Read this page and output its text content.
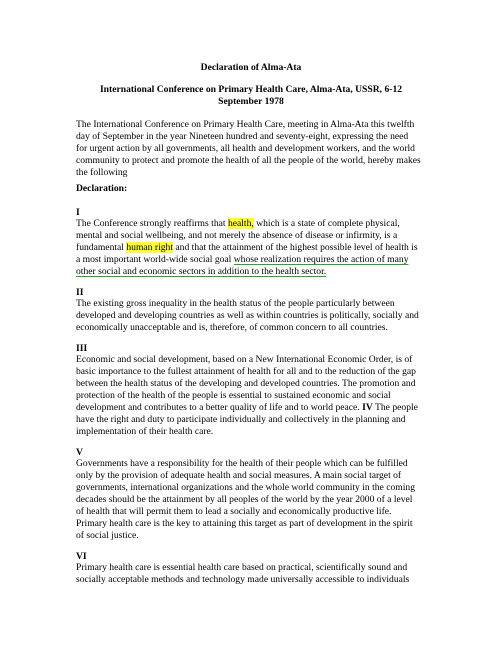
Declaration of Alma-Ata
International Conference on Primary Health Care, Alma-Ata, USSR, 6-12
September 1978
The International Conference on Primary Health Care, meeting in Alma-Ata this twelfth
day of September in the year Nineteen hundred and seventy-eight, expressing the need
for urgent action by all governments, all health and development workers, and the world
community to protect and promote the health of all the people of the world, hereby makes
the following
Declaration:
I
The Conference strongly reaffirms that health, which is a state of complete physical,
mental and social wellbeing, and not merely the absence of disease or infirmity, is a
fundamental human right and that the attainment of the highest possible level of health is
a most important world-wide social goal whose realization requires the action of many
other social and economic sectors in addition to the health sector.
II
The existing gross inequality in the health status of the people particularly between
developed and developing countries as well as within countries is politically, socially and
economically unacceptable and is, therefore, of common concern to all countries.
III
Economic and social development, based on a New International Economic Order, is of
basic importance to the fullest attainment of health for all and to the reduction of the gap
between the health status of the developing and developed countries. The promotion and
protection of the health of the people is essential to sustained economic and social
development and contributes to a better quality of life and to world peace. IV The people
have the right and duty to participate individually and collectively in the planning and
implementation of their health care.
V
Governments have a responsibility for the health of their people which can be fulfilled
only by the provision of adequate health and social measures. A main social target of
governments, international organizations and the whole world community in the coming
decades should be the attainment by all peoples of the world by the year 2000 of a level
of health that will permit them to lead a socially and economically productive life.
Primary health care is the key to attaining this target as part of development in the spirit
of social justice.
VI
Primary health care is essential health care based on practical, scientifically sound and
socially acceptable methods and technology made universally accessible to individuals
